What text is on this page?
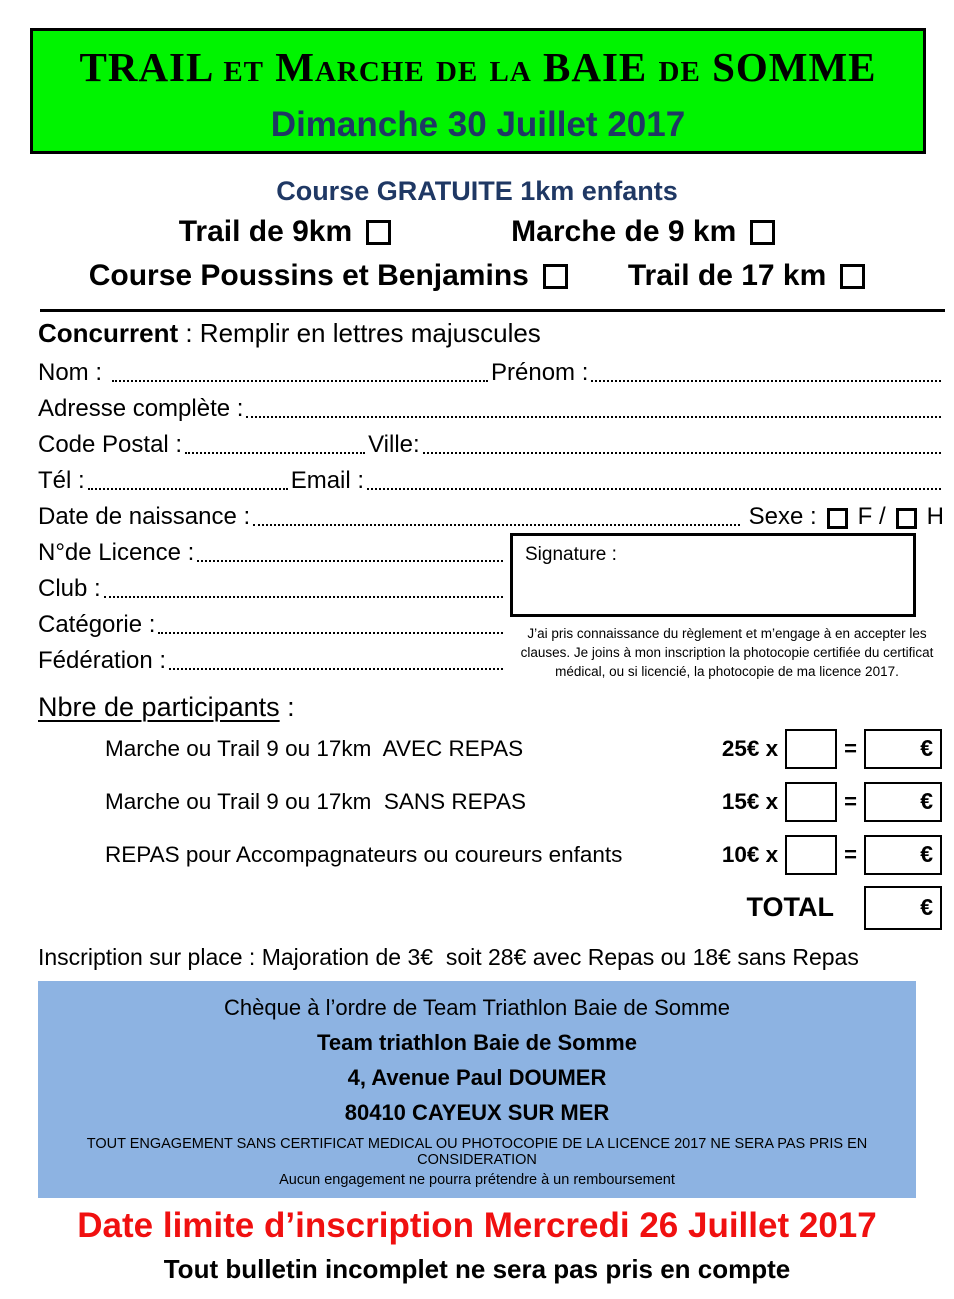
TRAIL et Marche de la BAIE de SOMME
Dimanche 30 Juillet 2017
Course GRATUITE 1km enfants
Trail de 9km	Marche de 9 km
Course Poussins et Benjamins	Trail de 17 km
Concurrent : Remplir en lettres majuscules
Nom :	Prénom :
Adresse complète :
Code Postal :	Ville:
Tél :	Email :
Date de naissance :	Sexe : F / H
N°de Licence :
Club :
Catégorie :
Fédération :
Signature :
J’ai pris connaissance du règlement et m’engage à en accepter les clauses. Je joins à mon inscription la photocopie certifiée du certificat médical, ou si licencié, la photocopie de ma licence 2017.
Nbre de participants :
Marche ou Trail 9 ou 17km  AVEC REPAS	25€ x	=	€
Marche ou Trail 9 ou 17km  SANS REPAS	15€ x	=	€
REPAS pour Accompagnateurs ou coureurs enfants	10€ x	=	€
TOTAL	€
Inscription sur place : Majoration de 3€  soit 28€ avec Repas ou 18€ sans Repas
Chèque à l’ordre de Team Triathlon Baie de Somme
Team triathlon Baie de Somme
4, Avenue Paul DOUMER
80410 CAYEUX SUR MER
TOUT ENGAGEMENT SANS CERTIFICAT MEDICAL OU PHOTOCOPIE DE LA LICENCE 2017 NE SERA PAS PRIS EN CONSIDERATION
Aucun engagement ne pourra prétendre à un remboursement
Date limite d’inscription Mercredi 26 Juillet 2017
Tout bulletin incomplet ne sera pas pris en compte
